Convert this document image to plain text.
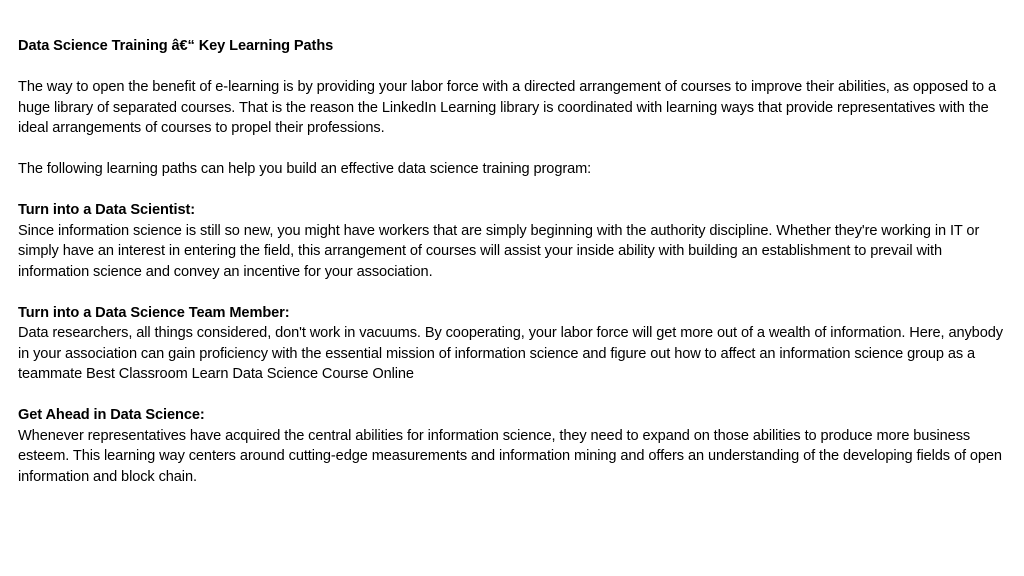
Data Science Training â€“ Key Learning Paths

The way to open the benefit of e-learning is by providing your labor force with a directed arrangement of courses to improve their abilities, as opposed to a huge library of separated courses. That is the reason the LinkedIn Learning library is coordinated with learning ways that provide representatives with the ideal arrangements of courses to propel their professions.

The following learning paths can help you build an effective data science training program:

Turn into a Data Scientist:

Since information science is still so new, you might have workers that are simply beginning with the authority discipline. Whether they're working in IT or simply have an interest in entering the field, this arrangement of courses will assist your inside ability with building an establishment to prevail with information science and convey an incentive for your association.

Turn into a Data Science Team Member:

Data researchers, all things considered, don't work in vacuums. By cooperating, your labor force will get more out of a wealth of information. Here, anybody in your association can gain proficiency with the essential mission of information science and figure out how to affect an information science group as a teammate Best Classroom Learn Data Science Course Online

Get Ahead in Data Science:

Whenever representatives have acquired the central abilities for information science, they need to expand on those abilities to produce more business esteem. This learning way centers around cutting-edge measurements and information mining and offers an understanding of the developing fields of open information and block chain.
